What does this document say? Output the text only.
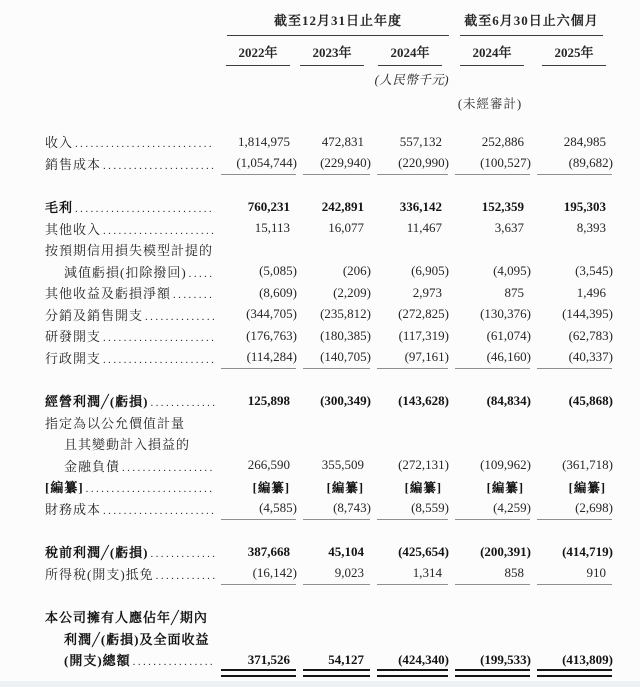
截至12月31日止年度	截至6月30日止六個月
2022年	2023年	2024年	2024年	2025年
(人民幣千元)
(未經審計)
收入 .....	1,814,975	472,831	557,132	252,886	284,985
銷售成本 .....	(1,054,744)	(229,940)	(220,990)	(100,527)	(89,682)
毛利 .....	760,231	242,891	336,142	152,359	195,303
其他收入 .....	15,113	16,077	11,467	3,637	8,393
按預期信用損失模型計提的
減值虧損(扣除撥回) .....	(5,085)	(206)	(6,905)	(4,095)	(3,545)
其他收益及虧損淨額 .....	(8,609)	(2,209)	2,973	875	1,496
分銷及銷售開支 .....	(344,705)	(235,812)	(272,825)	(130,376)	(144,395)
研發開支 .....	(176,763)	(180,385)	(117,319)	(61,074)	(62,783)
行政開支 .....	(114,284)	(140,705)	(97,161)	(46,160)	(40,337)
經營利潤╱(虧損) .....	125,898	(300,349)	(143,628)	(84,834)	(45,868)
指定為以公允價值計量
且其變動計入損益的
金融負債 .....	266,590	355,509	(272,131)	(109,962)	(361,718)
[編纂] .....	[編纂]	[編纂]	[編纂]	[編纂]	[編纂]
財務成本 .....	(4,585)	(8,743)	(8,559)	(4,259)	(2,698)
稅前利潤╱(虧損) .....	387,668	45,104	(425,654)	(200,391)	(414,719)
所得稅(開支)抵免 .....	(16,142)	9,023	1,314	858	910
本公司擁有人應佔年╱期內
利潤╱(虧損)及全面收益
(開支)總額 .....	371,526	54,127	(424,340)	(199,533)	(413,809)
